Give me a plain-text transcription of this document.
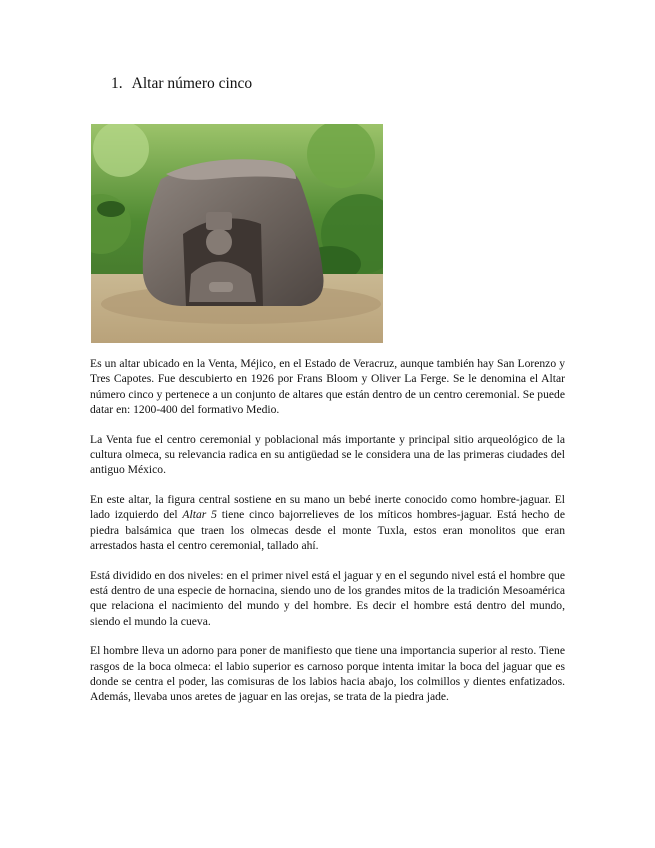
1. Altar número cinco

Es un altar ubicado en la Venta, Méjico, en el Estado de Veracruz, aunque también hay San Lorenzo y Tres Capotes. Fue descubierto en 1926 por Frans Bloom y Oliver La Ferge. Se le denomina el Altar número cinco y pertenece a un conjunto de altares que están dentro de un centro ceremonial. Se puede datar en: 1200-400 del formativo Medio.

La Venta fue el centro ceremonial y poblacional más importante y principal sitio arqueológico de la cultura olmeca, su relevancia radica en su antigüedad se le considera una de las primeras ciudades del antiguo México.

En este altar, la figura central sostiene en su mano un bebé inerte conocido como hombre-jaguar. El lado izquierdo del Altar 5 tiene cinco bajorrelieves de los míticos hombres-jaguar. Está hecho de piedra balsámica que traen los olmecas desde el monte Tuxla, estos eran monolitos que eran arrestados hasta el centro ceremonial, tallado ahí.

Está dividido en dos niveles: en el primer nivel está el jaguar y en el segundo nivel está el hombre que está dentro de una especie de hornacina, siendo uno de los grandes mitos de la tradición Mesoamérica que relaciona el nacimiento del mundo y del hombre. Es decir el hombre está dentro del mundo, siendo el mundo la cueva.

El hombre lleva un adorno para poner de manifiesto que tiene una importancia superior al resto. Tiene rasgos de la boca olmeca: el labio superior es carnoso porque intenta imitar la boca del jaguar que es donde se centra el poder, las comisuras de los labios hacia abajo, los colmillos y dientes enfatizados. Además, llevaba unos aretes de jaguar en las orejas, se trata de la piedra jade.
